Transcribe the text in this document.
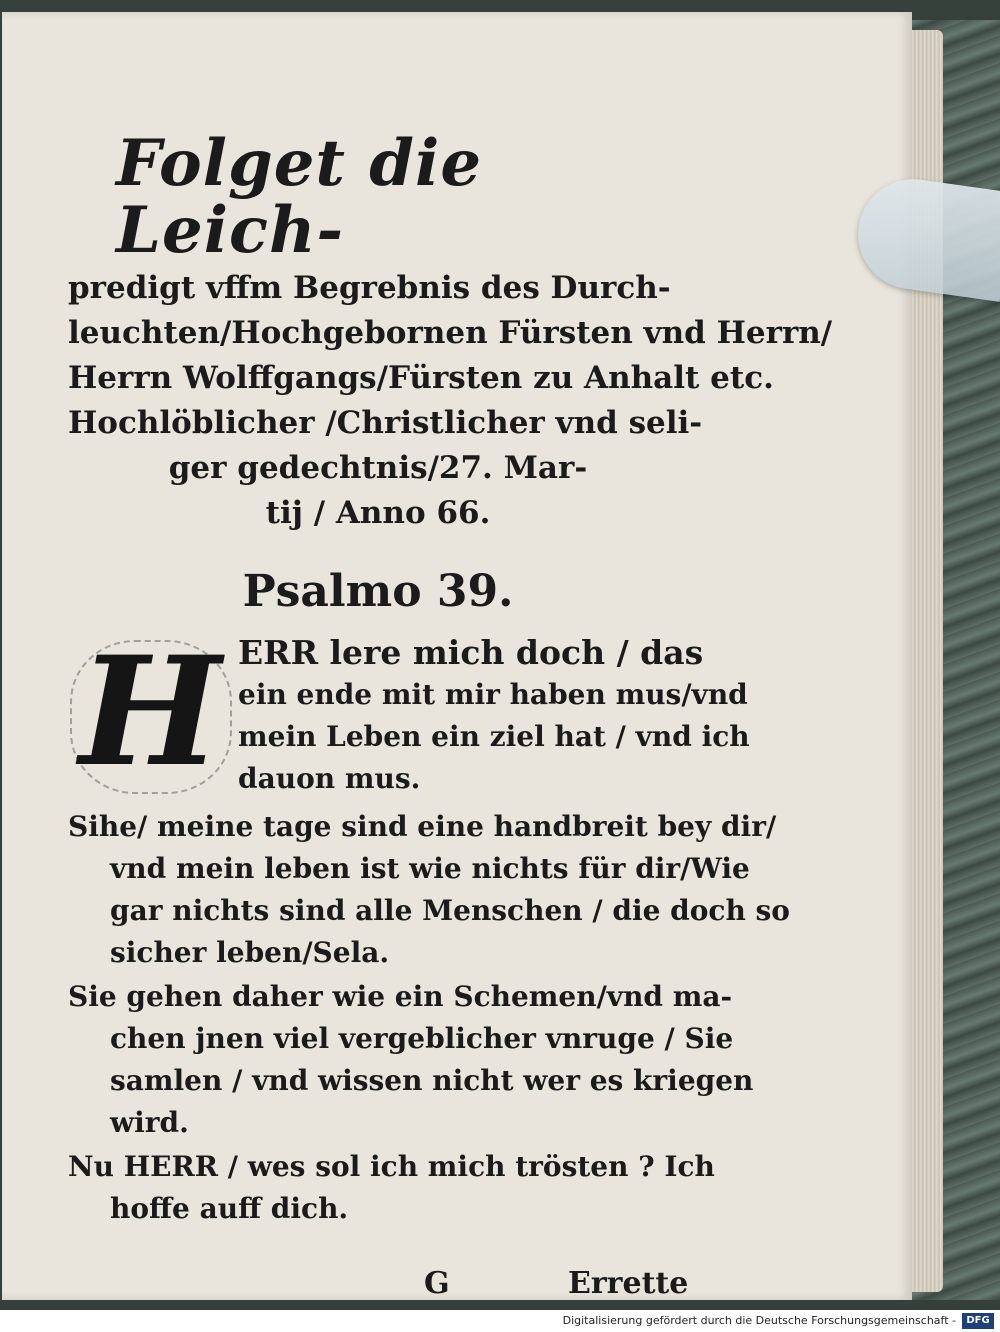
Folget die Leich-
predigt vffm Begrebnis des Durch-
leuchten/Hochgebornen Fürsten vnd Herrn/
Herrn Wolffgangs/Fürsten zu Anhalt etc.
Hochlöblicher /Christlicher vnd seli-
ger gedechtnis/27. Mar-
tij / Anno 66.
Psalmo 39.
H ERR lere mich doch / das
ein ende mit mir haben mus/vnd
mein Leben ein ziel hat / vnd ich
dauon mus.
Sihe/ meine tage sind eine handbreit bey dir/
vnd mein leben ist wie nichts für dir/Wie
gar nichts sind alle Menschen / die doch so
sicher leben/Sela.
Sie gehen daher wie ein Schemen/vnd ma-
chen jnen viel vergeblicher vnruge / Sie
samlen / vnd wissen nicht wer es kriegen
wird.
Nu HERR / wes sol ich mich trösten ? Ich
hoffe auff dich.
G	Errette
Digitalisierung gefördert durch die Deutsche Forschungsgemeinschaft -	DFG
